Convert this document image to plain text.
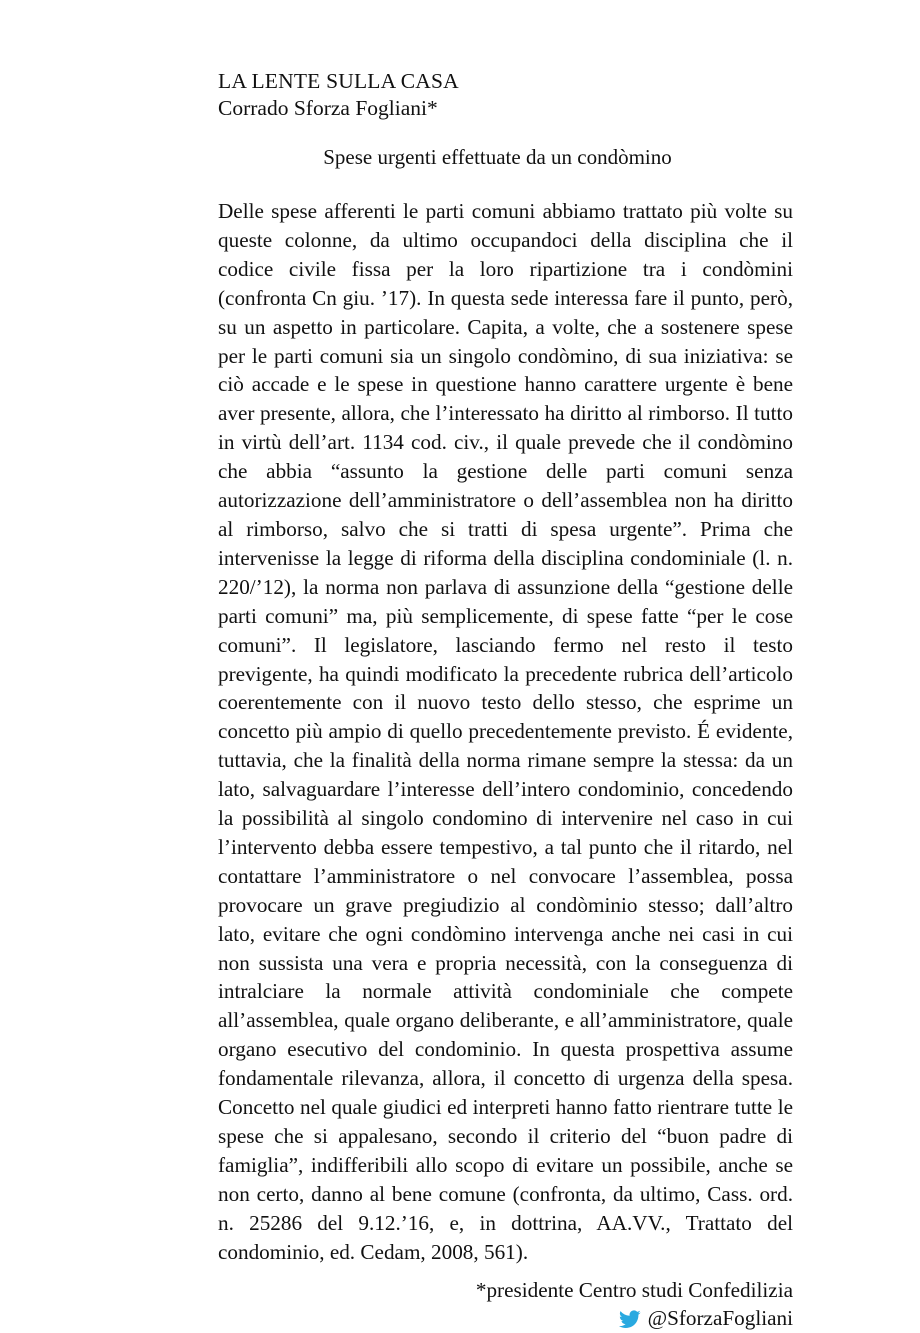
LA LENTE SULLA CASA
Corrado Sforza Fogliani*
Spese urgenti effettuate da un condòmino
Delle spese afferenti le parti comuni abbiamo trattato più volte su queste colonne, da ultimo occupandoci della disciplina che il codice civile fissa per la loro ripartizione tra i condòmini (confronta Cn giu. ’17). In questa sede interessa fare il punto, però, su un aspetto in particolare. Capita, a volte, che a sostenere spese per le parti comuni sia un singolo condòmino, di sua iniziativa: se ciò accade e le spese in questione hanno carattere urgente è bene aver presente, allora, che l’interessato ha diritto al rimborso. Il tutto in virtù dell’art. 1134 cod. civ., il quale prevede che il condòmino che abbia “assunto la gestione delle parti comuni senza autorizzazione dell’amministratore o dell’assemblea non ha diritto al rimborso, salvo che si tratti di spesa urgente”. Prima che intervenisse la legge di riforma della disciplina condominiale (l. n. 220/’12), la norma non parlava di assunzione della “gestione delle parti comuni” ma, più semplicemente, di spese fatte “per le cose comuni”. Il legislatore, lasciando fermo nel resto il testo previgente, ha quindi modificato la precedente rubrica dell’articolo coerentemente con il nuovo testo dello stesso, che esprime un concetto più ampio di quello precedentemente previsto. É evidente, tuttavia, che la finalità della norma rimane sempre la stessa: da un lato, salvaguardare l’interesse dell’intero condominio, concedendo la possibilità al singolo condomino di intervenire nel caso in cui l’intervento debba essere tempestivo, a tal punto che il ritardo, nel contattare l’amministratore o nel convocare l’assemblea, possa provocare un grave pregiudizio al condòminio stesso; dall’altro lato, evitare che ogni condòmino intervenga anche nei casi in cui non sussista una vera e propria necessità, con la conseguenza di intralciare la normale attività condominiale che compete all’assemblea, quale organo deliberante, e all’amministratore, quale organo esecutivo del condominio. In questa prospettiva assume fondamentale rilevanza, allora, il concetto di urgenza della spesa. Concetto nel quale giudici ed interpreti hanno fatto rientrare tutte le spese che si appalesano, secondo il criterio del “buon padre di famiglia”, indifferibili allo scopo di evitare un possibile, anche se non certo, danno al bene comune (confronta, da ultimo, Cass. ord. n. 25286 del 9.12.’16, e, in dottrina, AA.VV., Trattato del condominio, ed. Cedam, 2008, 561).
*presidente Centro studi Confedilizia
@SforzaFogliani
